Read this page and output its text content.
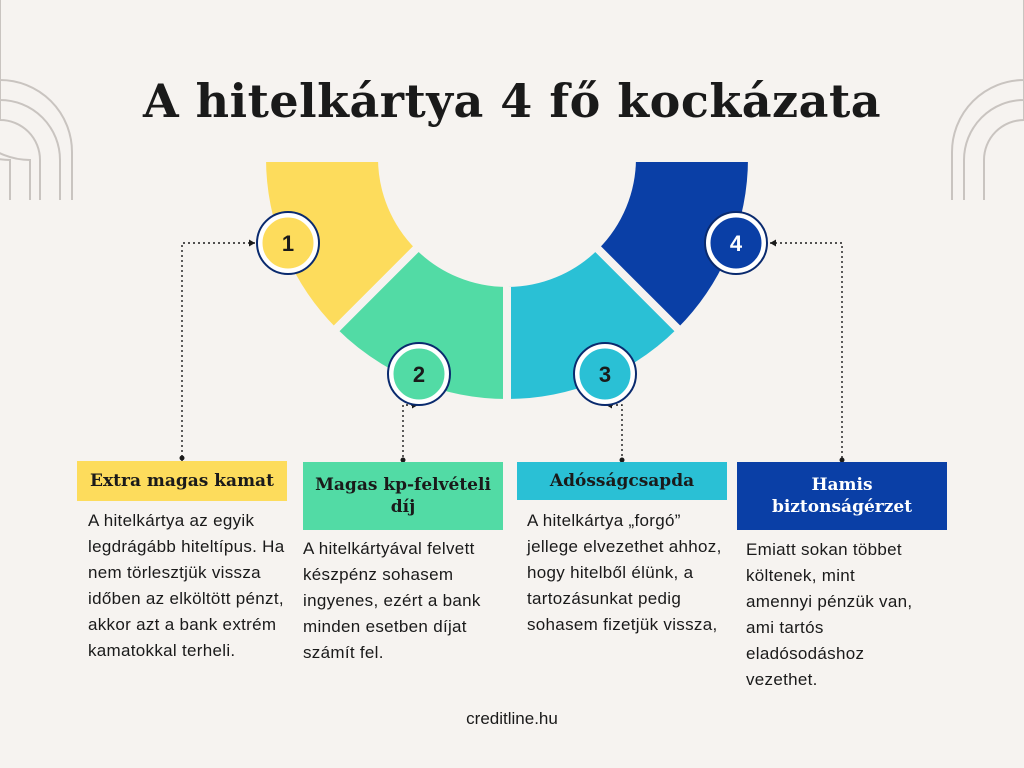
A hitelkártya 4 fő kockázata
1
2	3
4
Extra magas kamat	Magas kp-felvételi díj
Adósságcsapda	Hamis biztonságérzet

A hitelkártya az egyik legdrágább hiteltípus. Ha nem törlesztjük vissza időben az elköltött pénzt, akkor azt a bank extrém kamatokkal terheli.

A hitelkártyával felvett készpénz sohasem ingyenes, ezért a bank minden esetben díjat számít fel.

A hitelkártya „forgó” jellege elvezethet ahhoz, hogy hitelből élünk, a tartozásunkat pedig sohasem fizetjük vissza,

Emiatt sokan többet költenek, mint amennyi pénzük van, ami tartós eladósodáshoz vezethet.

creditline.hu
